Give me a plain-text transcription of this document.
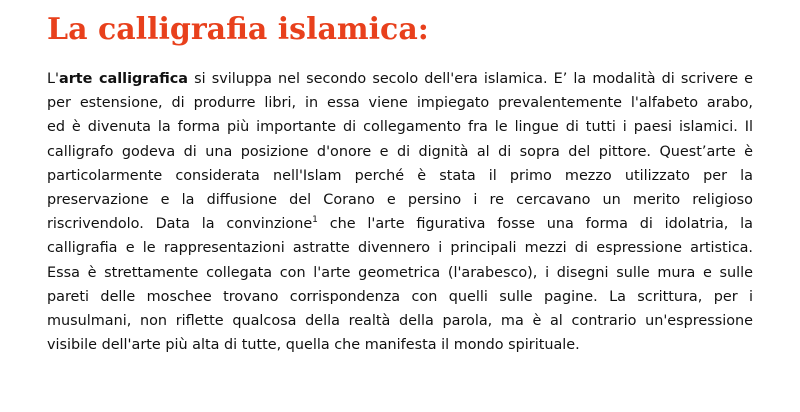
La calligrafia islamica:
L'arte calligrafica si sviluppa nel secondo secolo dell'era islamica. E’ la modalità di scrivere e
per estensione, di produrre libri, in essa viene impiegato prevalentemente l'alfabeto arabo,
ed è divenuta la forma più importante di collegamento fra le lingue di tutti i paesi islamici. Il
calligrafo godeva di una posizione d'onore e di dignità al di sopra del pittore. Quest’arte è
particolarmente considerata nell'Islam perché è stata il primo mezzo utilizzato per la
preservazione e la diffusione del Corano e persino i re cercavano un merito religioso
riscrivendolo. Data la convinzione$^1$ che l'arte figurativa fosse una forma di idolatria, la
calligrafia e le rappresentazioni astratte divennero i principali mezzi di espressione artistica.
Essa è strettamente collegata con l'arte geometrica (l'arabesco), i disegni sulle mura e sulle
pareti delle moschee trovano corrispondenza con quelli sulle pagine. La scrittura, per i
musulmani, non riflette qualcosa della realtà della parola, ma è al contrario un'espressione
visibile dell'arte più alta di tutte, quella che manifesta il mondo spirituale.
